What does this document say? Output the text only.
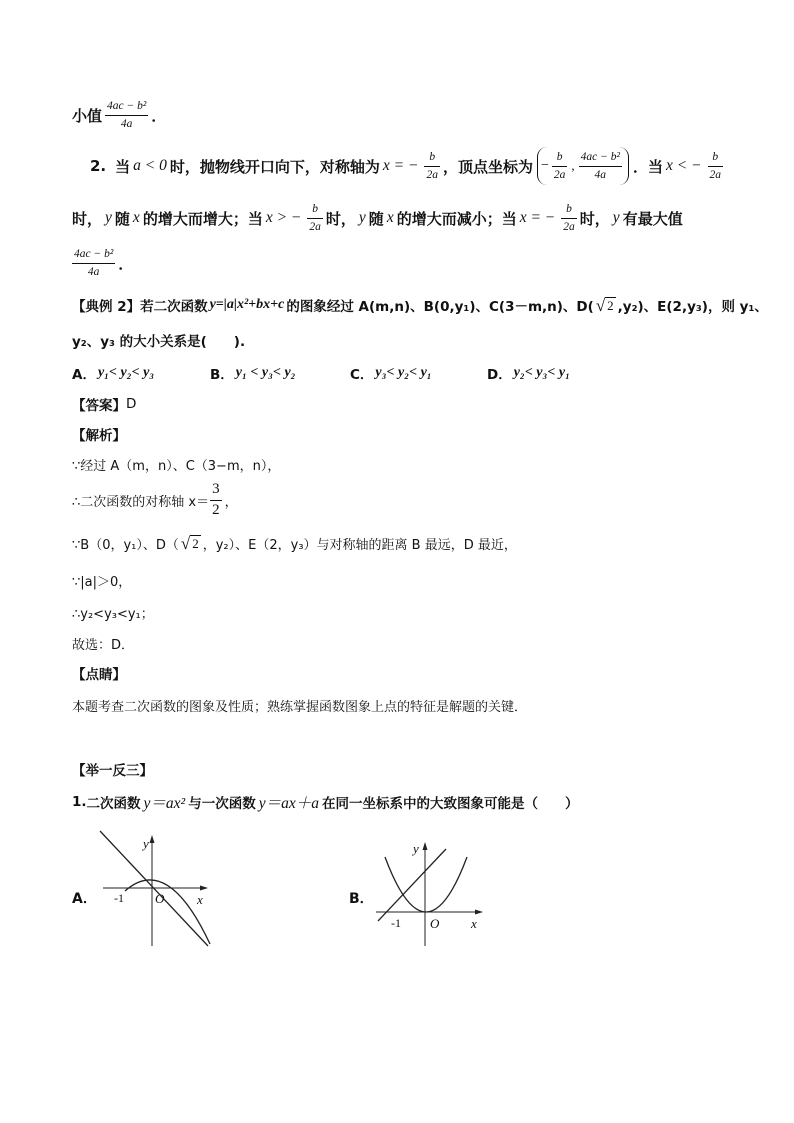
小值 $\frac{\text{4ac − b²}}{4a}$ ．
2. 当 a < 0 时，抛物线开口向下，对称轴为 x = − $\frac{b}{2a}$ ，顶点坐标为 − $\frac{b}{2a}$ , $\frac{\text{4ac − b²}}{4a}$ ．当 x < − $\frac{b}{2a}$
时， y 随 x 的增大而增大；当 x > − $\frac{b}{2a}$ 时， y 随 x 的增大而减小；当 x = − $\frac{b}{2a}$ 时， y 有最大值
$\frac{\text{4ac − b²}}{4a}$ ．
【典例 2】 若二次函数 y=|a|x²+bx+c 的图象经过 A(m,n)、B(0,y₁)、C(3－m,n)、D( √ 2 ,y₂)、E(2,y₃)，则 y₁、
y₂、y₃ 的大小关系是(　　).
A． y₁< y₂< y₃	B． y₁ < y₃< y₂	C． y₃< y₂< y₁	D． y₂< y₃< y₁
【答案】 D
【解析】
∵经过 A（m，n）、C（3−m，n），
∴二次函数的对称轴 $x= \frac{3}{2}$ ，
∵B（0，y₁）、D（ √ 2 ，y₂）、E（2，y₃）与对称轴的距离 B 最远，D 最近，
∵|a|＞0，
∴y₂<y₃<y₁；
故选：D．
【点睛】
本题考查二次函数的图象及性质；熟练掌握函数图象上点的特征是解题的关键．
【举一反三】
1. 二次函数 y＝ax² 与一次函数 y＝ax＋a 在同一坐标系中的大致图象可能是（　　）
A．
y
x
-1 O	B．
y
x
-1 O
